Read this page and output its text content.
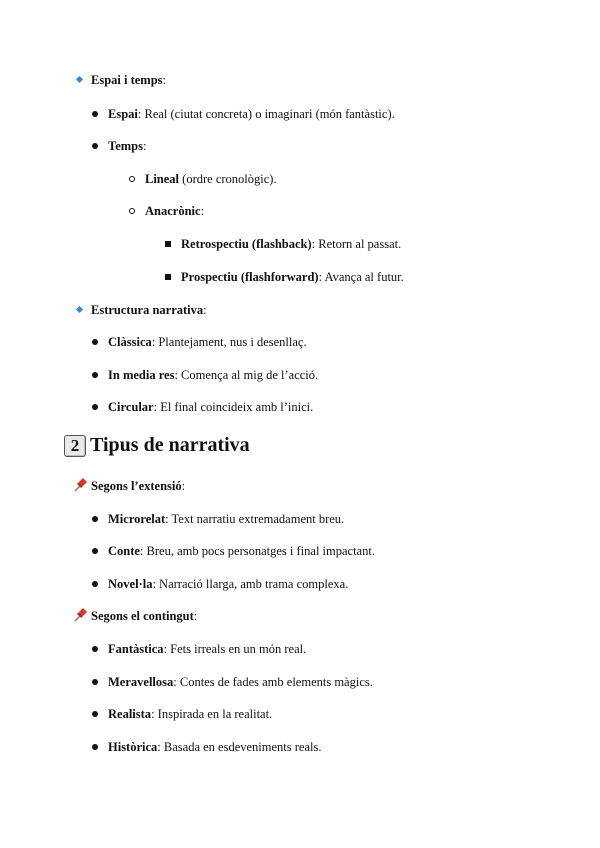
Espai i temps:
Espai: Real (ciutat concreta) o imaginari (món fantàstic).
Temps:
Lineal (ordre cronològic).
Anacrònic:
Retrospectiu (flashback): Retorn al passat.
Prospectiu (flashforward): Avança al futur.
Estructura narrativa:
Clàssica: Plantejament, nus i desenllaç.
In media res: Comença al mig de l’acció.
Circular: El final coincideix amb l’inici.
2 Tipus de narrativa
Segons l’extensió:
Microrelat: Text narratiu extremadament breu.
Conte: Breu, amb pocs personatges i final impactant.
Novel·la: Narració llarga, amb trama complexa.
Segons el contingut:
Fantàstica: Fets irreals en un món real.
Meravellosa: Contes de fades amb elements màgics.
Realista: Inspirada en la realitat.
Històrica: Basada en esdeveniments reals.
